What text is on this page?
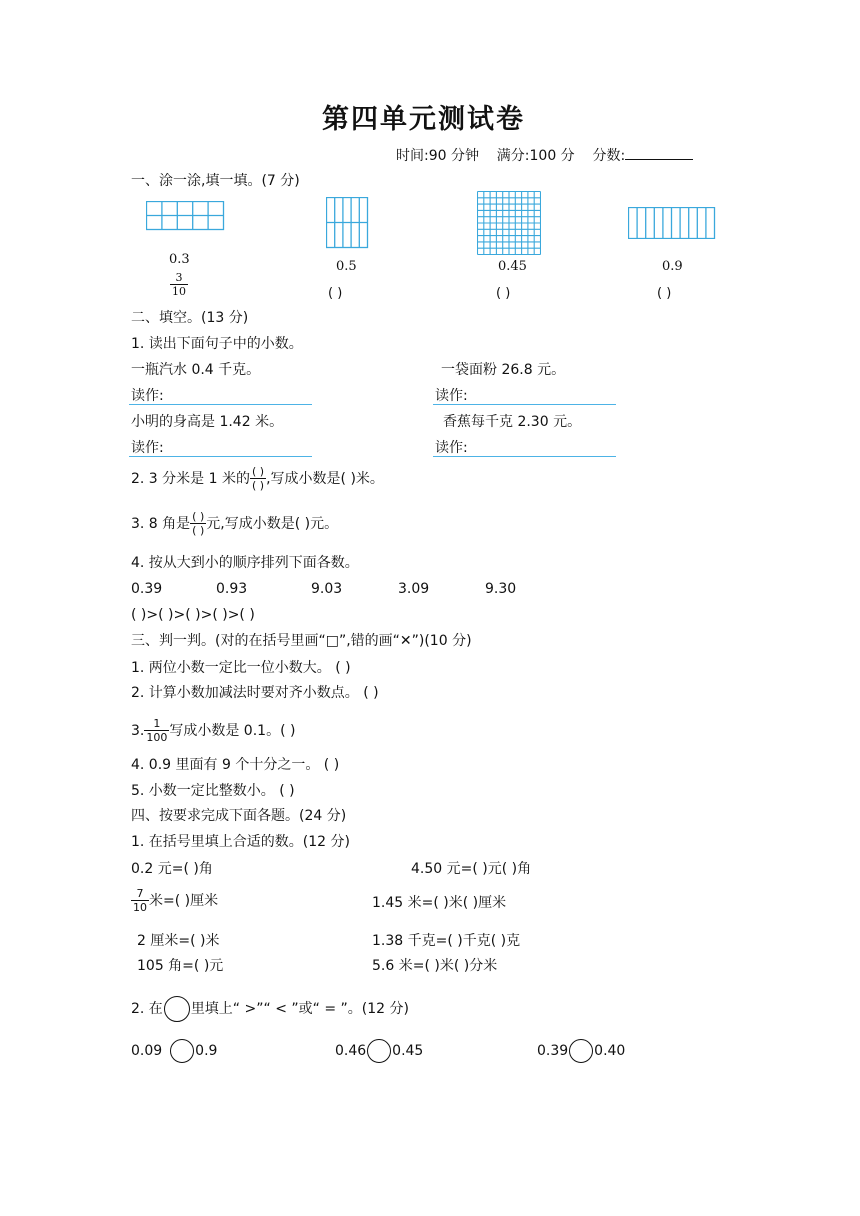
第四单元测试卷
时间:90 分钟 满分:100 分 分数:
一、涂一涂,填一填。(7 分)
0.3
$\frac{3}{10}$
0.5
( )
0.45
( )
0.9
( )
二、填空。(13 分)
1. 读出下面句子中的小数。
一瓶汽水 0.4 千克。	一袋面粉 26.8 元。
读作:	读作:
小明的身高是 1.42 米。	香蕉每千克 2.30 元。
读作:	读作:
2. 3 分米是 1 米的 $\frac{( )}{( )}$ ,写成小数是( )米。
3. 8 角是 $\frac{( )}{( )}$ 元,写成小数是( )元。
4. 按从大到小的顺序排列下面各数。
0.39	0.93	9.03	3.09	9.30
( )>( )>( )>( )>( )
三、判一判。(对的在括号里画“□”,错的画“✕”)(10 分)
1. 两位小数一定比一位小数大。 ( )
2. 计算小数加减法时要对齐小数点。 ( )
3. $\frac{1}{100}$ 写成小数是 0.1。( )
4. 0.9 里面有 9 个十分之一。 ( )
5. 小数一定比整数小。 ( )
四、按要求完成下面各题。(24 分)
1. 在括号里填上合适的数。(12 分)
0.2 元=( )角	4.50 元=( )元( )角
$\frac{7}{10}$ 米=( )厘米	1.45 米=( )米( )厘米
2 厘米=( )米	1.38 千克=( )千克( )克
105 角=( )元	5.6 米=( )米( )分米
2. 在 里填上“ >”“ < ”或“ = ”。(12 分)
0.09 0.9	0.46 0.45	0.39 0.40
